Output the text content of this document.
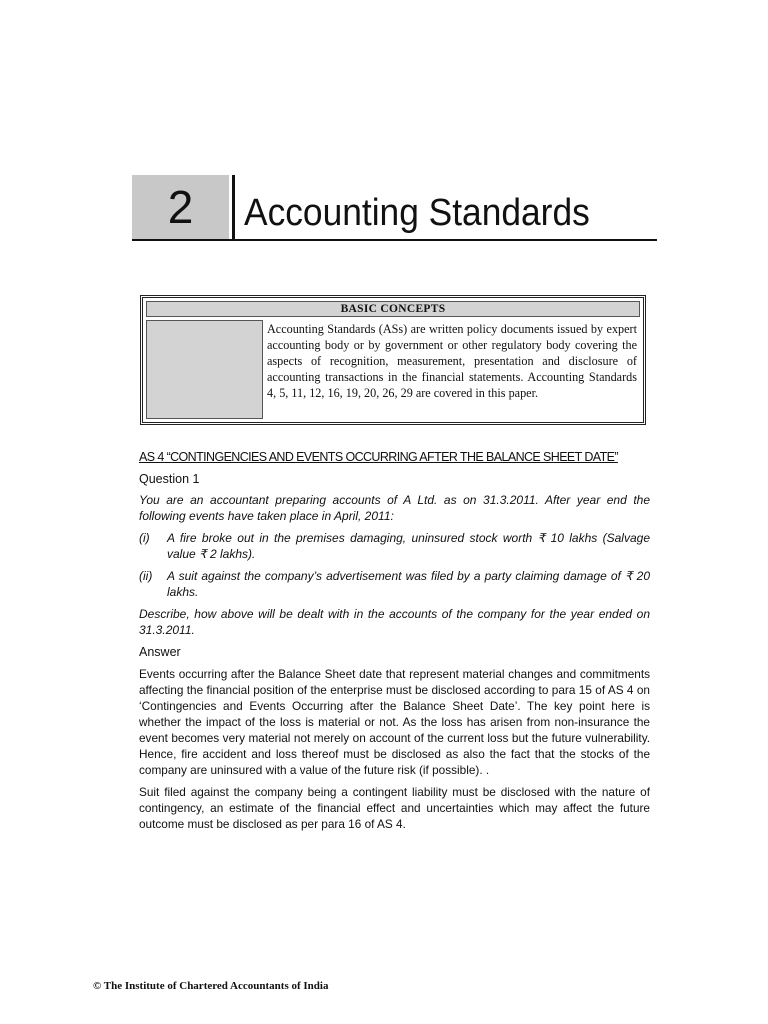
2	Accounting Standards
BASIC CONCEPTS

Accounting Standards (ASs) are written policy documents issued by expert accounting body or by government or other regulatory body covering the aspects of recognition, measurement, presentation and disclosure of accounting transactions in the financial statements. Accounting Standards 4, 5, 11, 12, 16, 19, 20, 26, 29 are covered in this paper.

AS 4 “CONTINGENCIES AND EVENTS OCCURRING AFTER THE BALANCE SHEET DATE”

Question 1

You are an accountant preparing accounts of A Ltd. as on 31.3.2011. After year end the following events have taken place in April, 2011:

(i)	A fire broke out in the premises damaging, uninsured stock worth ₹ 10 lakhs (Salvage value ₹ 2 lakhs).
(ii)	A suit against the company’s advertisement was filed by a party claiming damage of ₹ 20 lakhs.

Describe, how above will be dealt with in the accounts of the company for the year ended on 31.3.2011.

Answer

Events occurring after the Balance Sheet date that represent material changes and commitments affecting the financial position of the enterprise must be disclosed according to para 15 of AS 4 on ‘Contingencies and Events Occurring after the Balance Sheet Date’. The key point here is whether the impact of the loss is material or not. As the loss has arisen from non-insurance the event becomes very material not merely on account of the current loss but the future vulnerability. Hence, fire accident and loss thereof must be disclosed as also the fact that the stocks of the company are uninsured with a value of the future risk (if possible). .

Suit filed against the company being a contingent liability must be disclosed with the nature of contingency, an estimate of the financial effect and uncertainties which may affect the future outcome must be disclosed as per para 16 of AS 4.

© The Institute of Chartered Accountants of India
